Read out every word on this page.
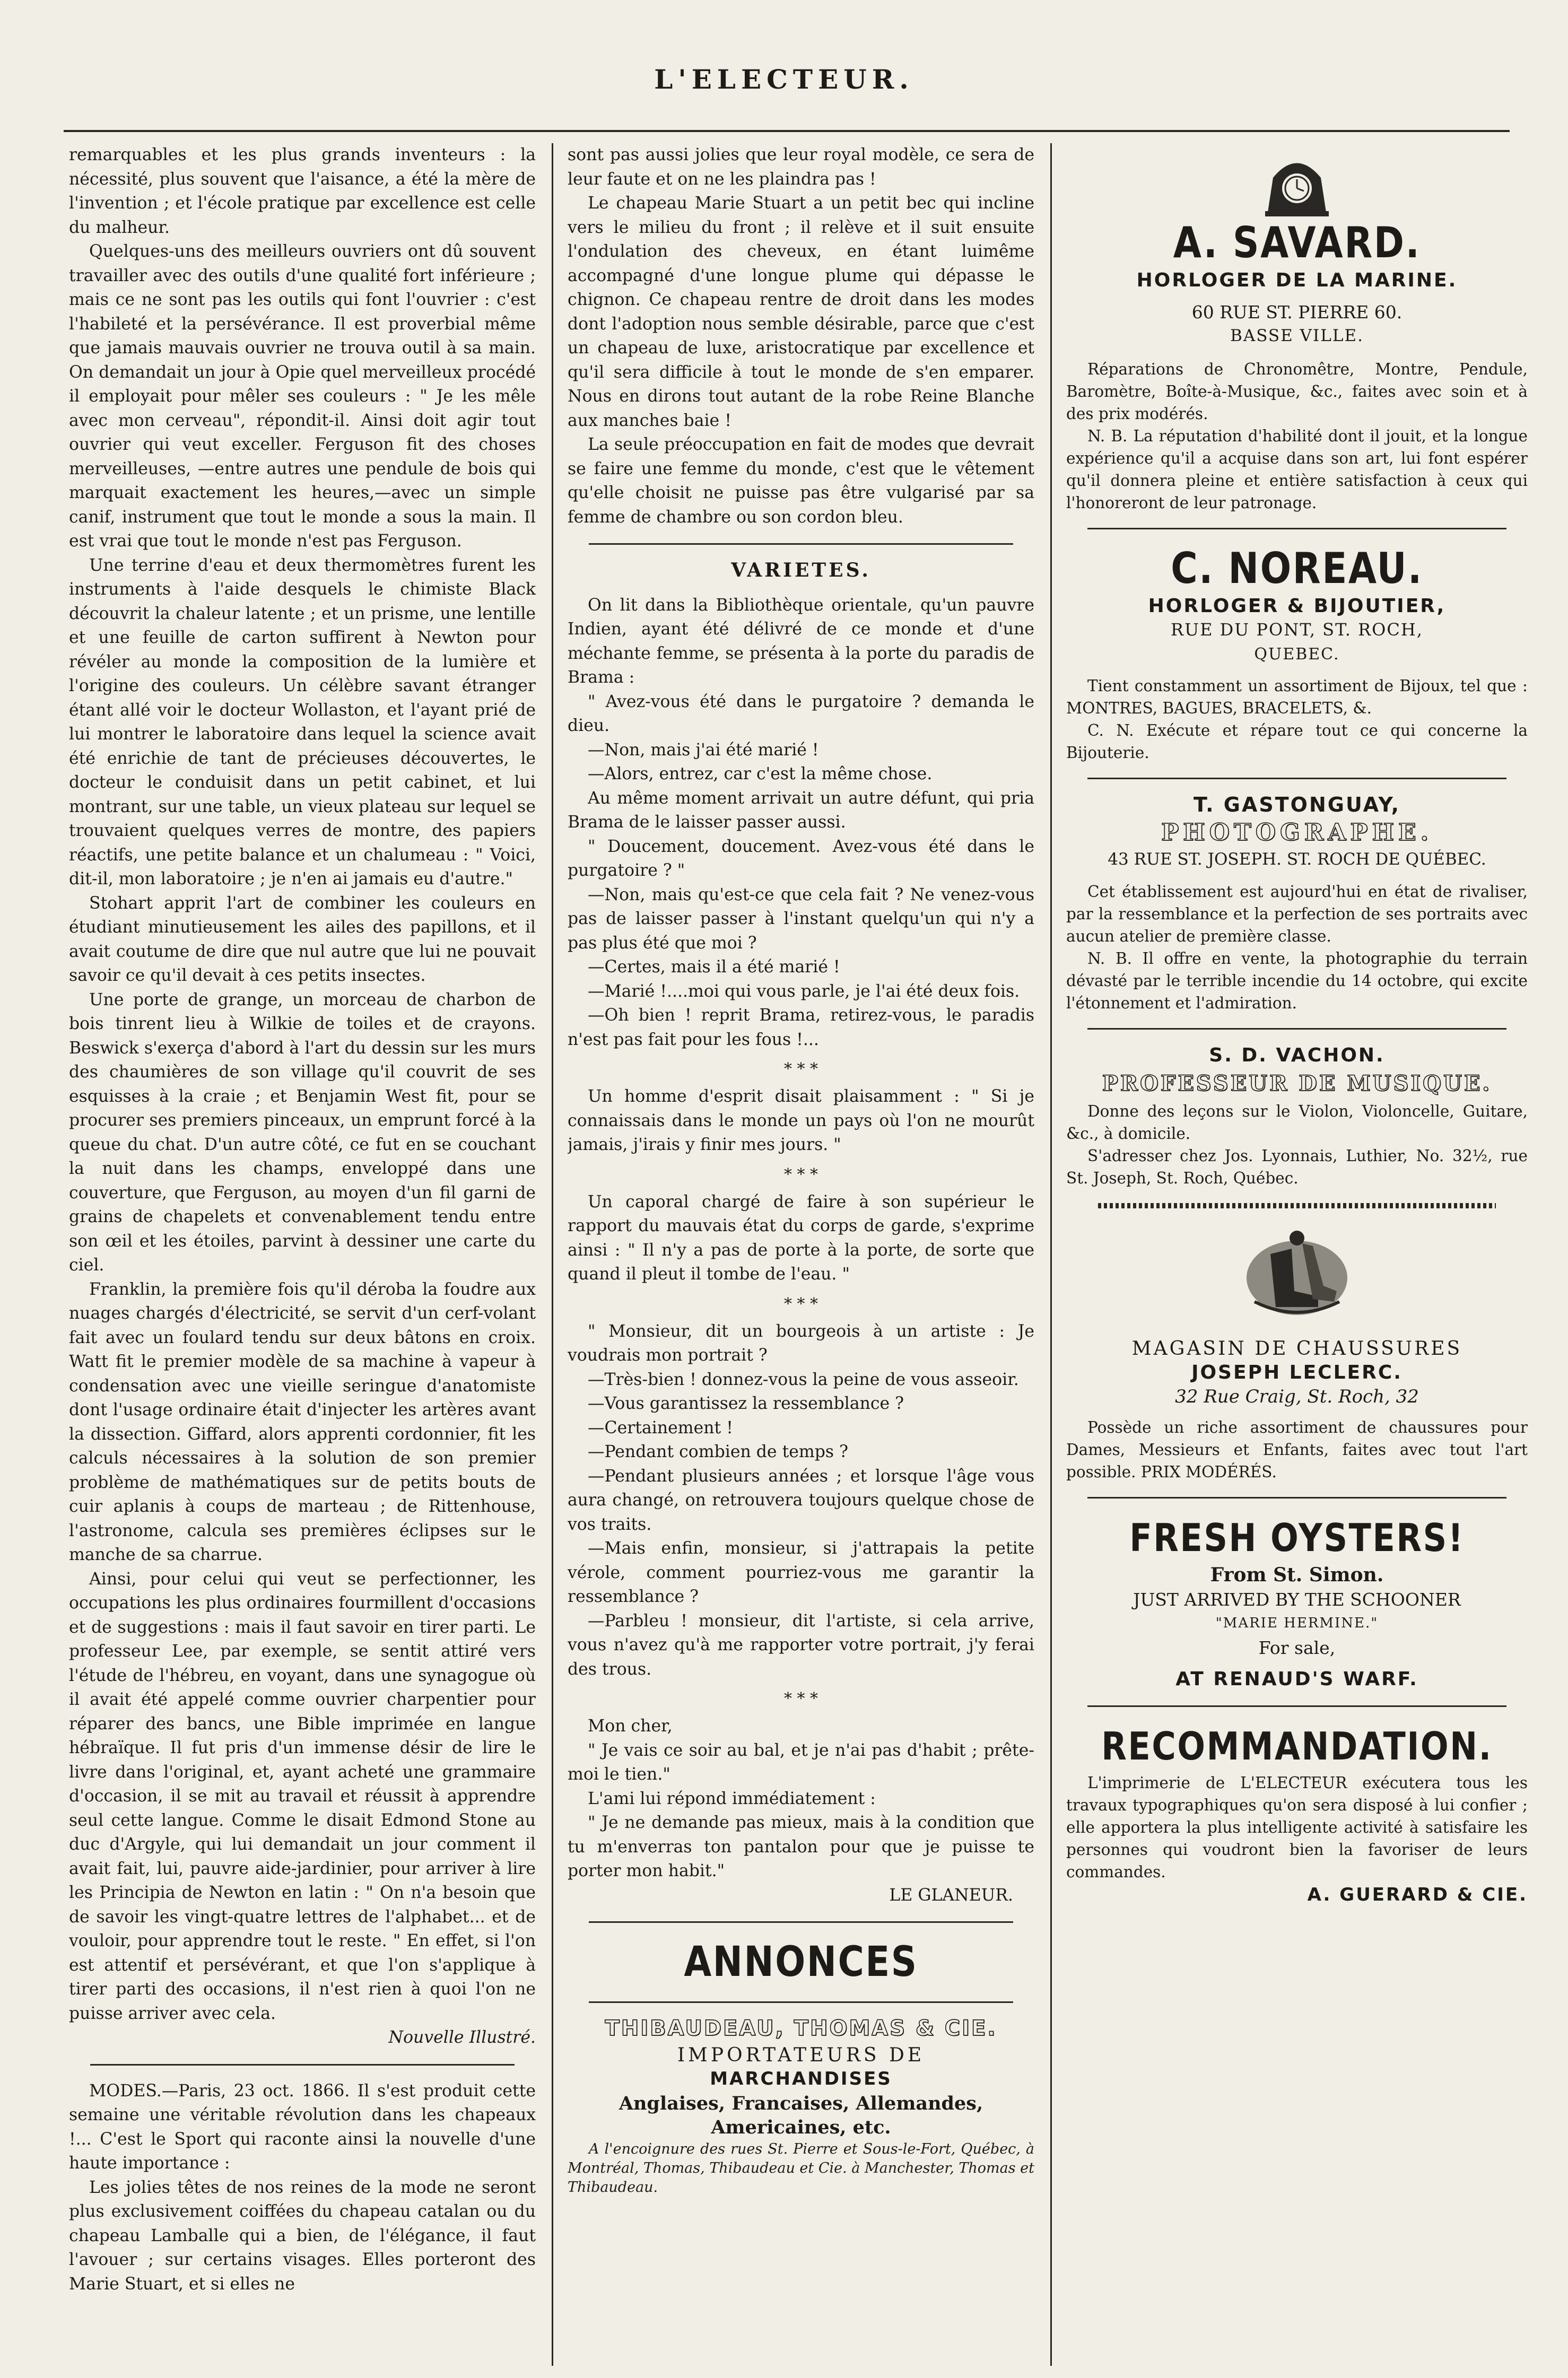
L'ELECTEUR.

remarquables et les plus grands inventeurs : la nécessité, plus souvent que l'aisance, a été la mère de l'invention ; et l'école pratique par excellence est celle du malheur.

Quelques-uns des meilleurs ouvriers ont dû souvent travailler avec des outils d'une qualité fort inférieure ; mais ce ne sont pas les outils qui font l'ouvrier : c'est l'habileté et la persévérance. Il est proverbial même que jamais mauvais ouvrier ne trouva outil à sa main. On demandait un jour à Opie quel merveilleux procédé il employait pour mêler ses couleurs : " Je les mêle avec mon cerveau", répondit-il. Ainsi doit agir tout ouvrier qui veut exceller. Ferguson fit des choses merveilleuses, —entre autres une pendule de bois qui marquait exactement les heures,—avec un simple canif, instrument que tout le monde a sous la main. Il est vrai que tout le monde n'est pas Ferguson.

Une terrine d'eau et deux thermomètres furent les instruments à l'aide desquels le chimiste Black découvrit la chaleur latente ; et un prisme, une lentille et une feuille de carton suffirent à Newton pour révéler au monde la composition de la lumière et l'origine des couleurs. Un célèbre savant étranger étant allé voir le docteur Wollaston, et l'ayant prié de lui montrer le laboratoire dans lequel la science avait été enrichie de tant de précieuses découvertes, le docteur le conduisit dans un petit cabinet, et lui montrant, sur une table, un vieux plateau sur lequel se trouvaient quelques verres de montre, des papiers réactifs, une petite balance et un chalumeau : " Voici, dit-il, mon laboratoire ; je n'en ai jamais eu d'autre."

Stohart apprit l'art de combiner les couleurs en étudiant minutieusement les ailes des papillons, et il avait coutume de dire que nul autre que lui ne pouvait savoir ce qu'il devait à ces petits insectes.

Une porte de grange, un morceau de charbon de bois tinrent lieu à Wilkie de toiles et de crayons. Beswick s'exerça d'abord à l'art du dessin sur les murs des chaumières de son village qu'il couvrit de ses esquisses à la craie ; et Benjamin West fit, pour se procurer ses premiers pinceaux, un emprunt forcé à la queue du chat. D'un autre côté, ce fut en se couchant la nuit dans les champs, enveloppé dans une couverture, que Ferguson, au moyen d'un fil garni de grains de chapelets et convenablement tendu entre son œil et les étoiles, parvint à dessiner une carte du ciel.

Franklin, la première fois qu'il déroba la foudre aux nuages chargés d'électricité, se servit d'un cerf-volant fait avec un foulard tendu sur deux bâtons en croix. Watt fit le premier modèle de sa machine à vapeur à condensation avec une vieille seringue d'anatomiste dont l'usage ordinaire était d'injecter les artères avant la dissection. Giffard, alors apprenti cordonnier, fit les calculs nécessaires à la solution de son premier problème de mathématiques sur de petits bouts de cuir aplanis à coups de marteau ; de Rittenhouse, l'astronome, calcula ses premières éclipses sur le manche de sa charrue.

Ainsi, pour celui qui veut se perfectionner, les occupations les plus ordinaires fourmillent d'occasions et de suggestions : mais il faut savoir en tirer parti. Le professeur Lee, par exemple, se sentit attiré vers l'étude de l'hébreu, en voyant, dans une synagogue où il avait été appelé comme ouvrier charpentier pour réparer des bancs, une Bible imprimée en langue hébraïque. Il fut pris d'un immense désir de lire le livre dans l'original, et, ayant acheté une grammaire d'occasion, il se mit au travail et réussit à apprendre seul cette langue. Comme le disait Edmond Stone au duc d'Argyle, qui lui demandait un jour comment il avait fait, lui, pauvre aide-jardinier, pour arriver à lire les Principia de Newton en latin : " On n'a besoin que de savoir les vingt-quatre lettres de l'alphabet... et de vouloir, pour apprendre tout le reste. " En effet, si l'on est attentif et persévérant, et que l'on s'applique à tirer parti des occasions, il n'est rien à quoi l'on ne puisse arriver avec cela.

Nouvelle Illustré.

MODES.—Paris, 23 oct. 1866. Il s'est produit cette semaine une véritable révolution dans les chapeaux !... C'est le Sport qui raconte ainsi la nouvelle d'une haute importance :

Les jolies têtes de nos reines de la mode ne seront plus exclusivement coiffées du chapeau catalan ou du chapeau Lamballe qui a bien, de l'élégance, il faut l'avouer ; sur certains visages. Elles porteront des Marie Stuart, et si elles ne

sont pas aussi jolies que leur royal modèle, ce sera de leur faute et on ne les plaindra pas !

Le chapeau Marie Stuart a un petit bec qui incline vers le milieu du front ; il relève et il suit ensuite l'ondulation des cheveux, en étant luimême accompagné d'une longue plume qui dépasse le chignon. Ce chapeau rentre de droit dans les modes dont l'adoption nous semble désirable, parce que c'est un chapeau de luxe, aristocratique par excellence et qu'il sera difficile à tout le monde de s'en emparer. Nous en dirons tout autant de la robe Reine Blanche aux manches baie !

La seule préoccupation en fait de modes que devrait se faire une femme du monde, c'est que le vêtement qu'elle choisit ne puisse pas être vulgarisé par sa femme de chambre ou son cordon bleu.

VARIETES.

On lit dans la Bibliothèque orientale, qu'un pauvre Indien, ayant été délivré de ce monde et d'une méchante femme, se présenta à la porte du paradis de Brama :

" Avez-vous été dans le purgatoire ? demanda le dieu.

—Non, mais j'ai été marié !

—Alors, entrez, car c'est la même chose.

Au même moment arrivait un autre défunt, qui pria Brama de le laisser passer aussi.

" Doucement, doucement. Avez-vous été dans le purgatoire ? "

—Non, mais qu'est-ce que cela fait ? Ne venez-vous pas de laisser passer à l'instant quelqu'un qui n'y a pas plus été que moi ?

—Certes, mais il a été marié !

—Marié !....moi qui vous parle, je l'ai été deux fois.

—Oh bien ! reprit Brama, retirez-vous, le paradis n'est pas fait pour les fous !...

* * *

Un homme d'esprit disait plaisamment : " Si je connaissais dans le monde un pays où l'on ne mourût jamais, j'irais y finir mes jours. "

* * *

Un caporal chargé de faire à son supérieur le rapport du mauvais état du corps de garde, s'exprime ainsi : " Il n'y a pas de porte à la porte, de sorte que quand il pleut il tombe de l'eau. "

* * *

" Monsieur, dit un bourgeois à un artiste : Je voudrais mon portrait ?

—Très-bien ! donnez-vous la peine de vous asseoir.

—Vous garantissez la ressemblance ?

—Certainement !

—Pendant combien de temps ?

—Pendant plusieurs années ; et lorsque l'âge vous aura changé, on retrouvera toujours quelque chose de vos traits.

—Mais enfin, monsieur, si j'attrapais la petite vérole, comment pourriez-vous me garantir la ressemblance ?

—Parbleu ! monsieur, dit l'artiste, si cela arrive, vous n'avez qu'à me rapporter votre portrait, j'y ferai des trous.

* * *

Mon cher,

" Je vais ce soir au bal, et je n'ai pas d'habit ; prête-moi le tien."

L'ami lui répond immédiatement :

" Je ne demande pas mieux, mais à la condition que tu m'enverras ton pantalon pour que je puisse te porter mon habit."

LE GLANEUR.

ANNONCES
THIBAUDEAU, THOMAS & CIE.
IMPORTATEURS DE
MARCHANDISES
Anglaises, Francaises, Allemandes,
Americaines, etc.

A l'encoignure des rues St. Pierre et Sous-le-Fort, Québec, à Montréal, Thomas, Thibaudeau et Cie. à Manchester, Thomas et Thibaudeau.

A. SAVARD.
HORLOGER DE LA MARINE.
60 RUE ST. PIERRE 60.
BASSE VILLE.

Réparations de Chronomêtre, Montre, Pendule, Baromètre, Boîte-à-Musique, &c., faites avec soin et à des prix modérés.

N. B. La réputation d'habilité dont il jouit, et la longue expérience qu'il a acquise dans son art, lui font espérer qu'il donnera pleine et entière satisfaction à ceux qui l'honoreront de leur patronage.

C. NOREAU.
HORLOGER & BIJOUTIER,
RUE DU PONT, ST. ROCH,
QUEBEC.

Tient constamment un assortiment de Bijoux, tel que : MONTRES, BAGUES, BRACELETS, &.

C. N. Exécute et répare tout ce qui concerne la Bijouterie.

T. GASTONGUAY,
PHOTOGRAPHE.
43 RUE ST. JOSEPH. ST. ROCH DE QUÉBEC.

Cet établissement est aujourd'hui en état de rivaliser, par la ressemblance et la perfection de ses portraits avec aucun atelier de première classe.

N. B. Il offre en vente, la photographie du terrain dévasté par le terrible incendie du 14 octobre, qui excite l'étonnement et l'admiration.

S. D. VACHON.
PROFESSEUR DE MUSIQUE.

Donne des leçons sur le Violon, Violoncelle, Guitare, &c., à domicile.

S'adresser chez Jos. Lyonnais, Luthier, No. 32½, rue St. Joseph, St. Roch, Québec.

MAGASIN DE CHAUSSURES
JOSEPH LECLERC.
32 Rue Craig, St. Roch, 32

Possède un riche assortiment de chaussures pour Dames, Messieurs et Enfants, faites avec tout l'art possible. PRIX MODÉRÉS.

FRESH OYSTERS!
From St. Simon.
JUST ARRIVED BY THE SCHOONER
"MARIE HERMINE."
For sale,
AT RENAUD'S WARF.
RECOMMANDATION.

L'imprimerie de L'ELECTEUR exécutera tous les travaux typographiques qu'on sera disposé à lui confier ; elle apportera la plus intelligente activité à satisfaire les personnes qui voudront bien la favoriser de leurs commandes.

A. GUERARD & CIE.
